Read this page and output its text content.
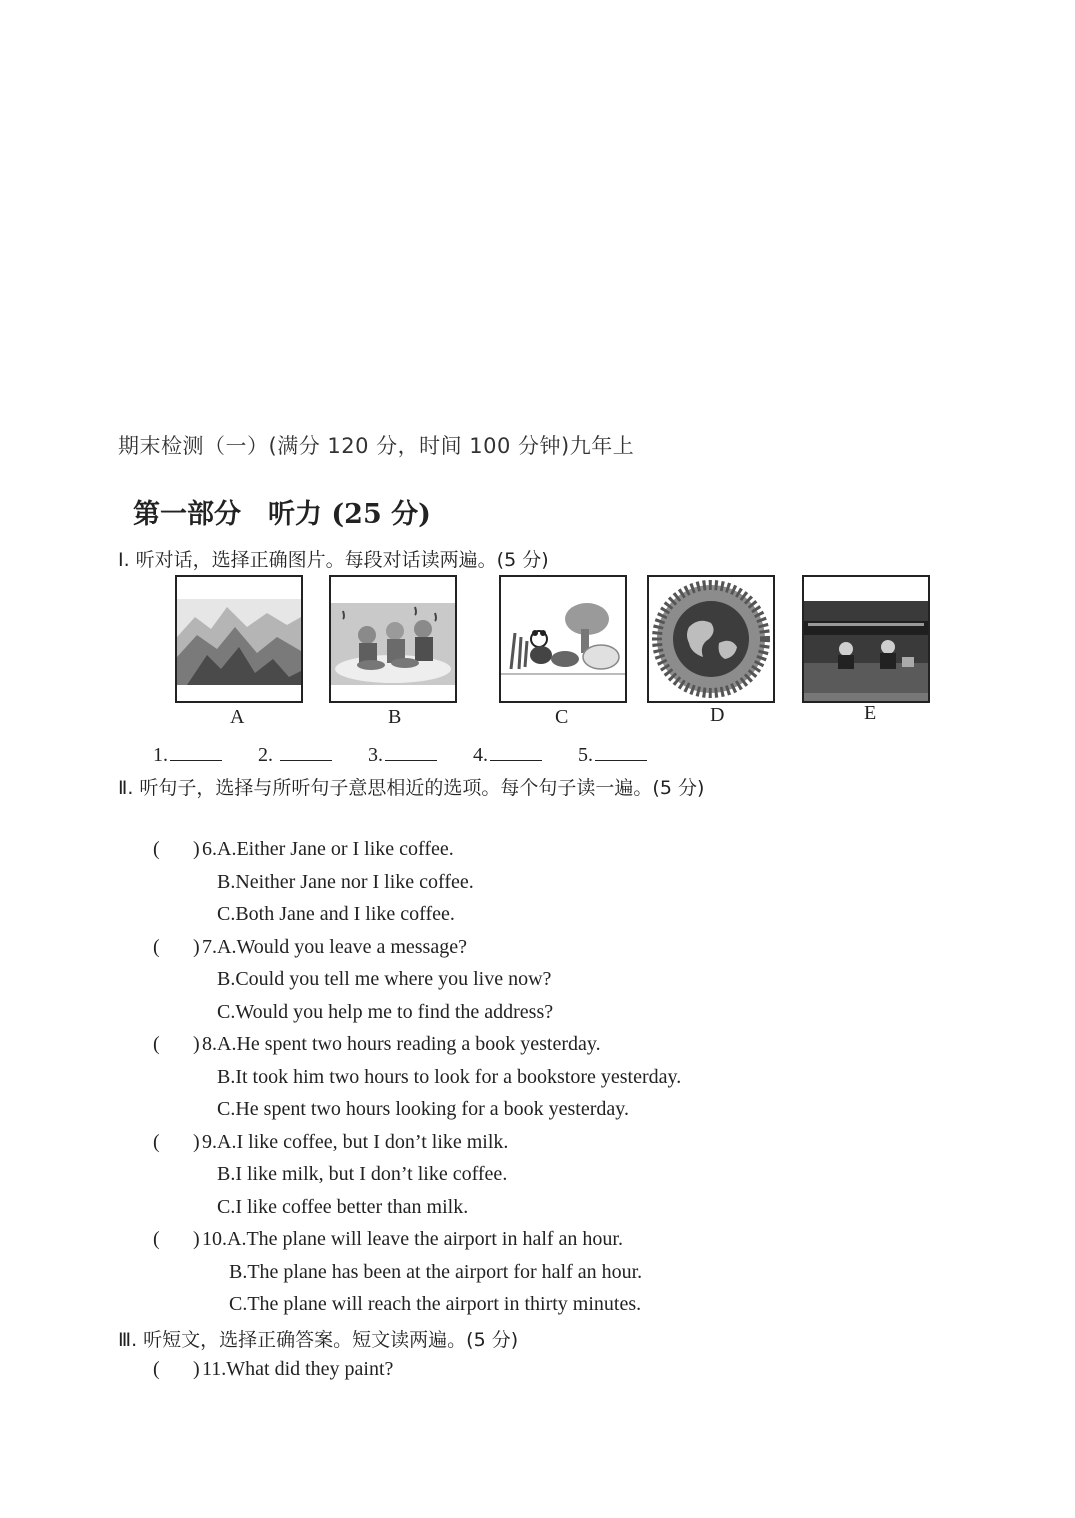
期末检测（一）(满分 120 分，时间 100 分钟)九年上
第一部分　听力 (25 分)
Ⅰ. 听对话，选择正确图片。每段对话读两遍。(5 分)
A	B	C	D	E
1.	2.	3.	4.	5.
Ⅱ. 听句子，选择与所听句子意思相近的选项。每个句子读一遍。(5 分)
( ) 6.A.Either Jane or I like coffee.
B.Neither Jane nor I like coffee.
C.Both Jane and I like coffee.
( ) 7.A.Would you leave a message?
B.Could you tell me where you live now?
C.Would you help me to find the address?
( ) 8.A.He spent two hours reading a book yesterday.
B.It took him two hours to look for a bookstore yesterday.
C.He spent two hours looking for a book yesterday.
( ) 9.A.I like coffee, but I don’t like milk.
B.I like milk, but I don’t like coffee.
C.I like coffee better than milk.
( ) 10.A.The plane will leave the airport in half an hour.
B.The plane has been at the airport for half an hour.
C.The plane will reach the airport in thirty minutes.
Ⅲ. 听短文，选择正确答案。短文读两遍。(5 分)
( ) 11.What did they paint?
